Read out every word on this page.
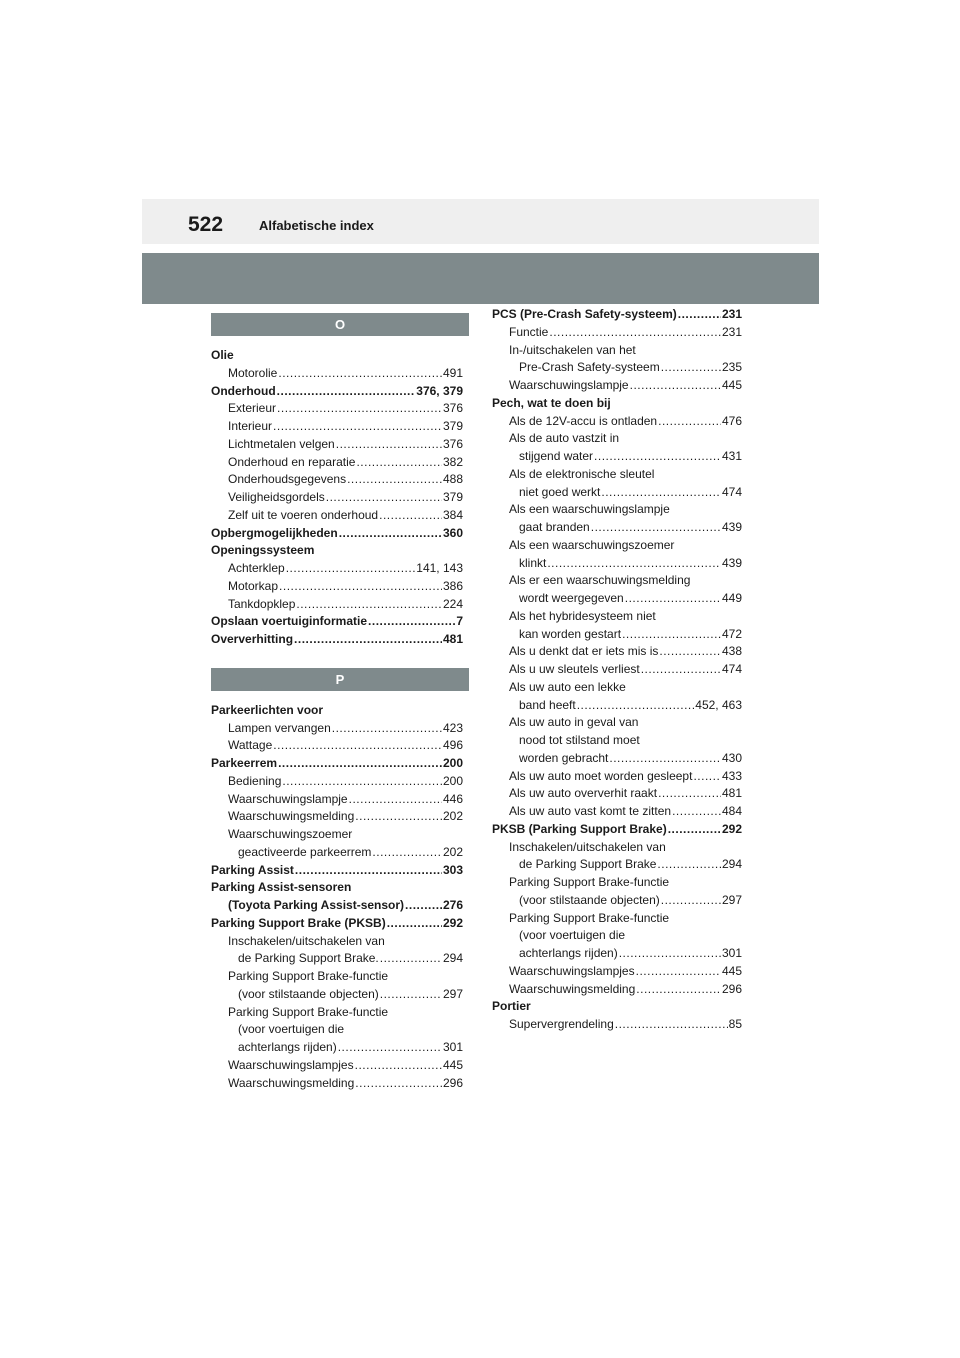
522	Alfabetische index
O
Olie
Motorolie .....	491
Onderhoud .....	376, 379
Exterieur .....	376
Interieur .....	379
Lichtmetalen velgen .....	376
Onderhoud en reparatie .....	382
Onderhoudsgegevens .....	488
Veiligheidsgordels .....	379
Zelf uit te voeren onderhoud .....	384
Opbergmogelijkheden .....	360
Openingssysteem
Achterklep .....	141, 143
Motorkap .....	386
Tankdopklep .....	224
Opslaan voertuiginformatie .....	7
Oververhitting .....	481
P
Parkeerlichten voor
Lampen vervangen .....	423
Wattage .....	496
Parkeerrem .....	200
Bediening .....	200
Waarschuwingslampje .....	446
Waarschuwingsmelding .....	202
Waarschuwingszoemer
geactiveerde parkeerrem .....	202
Parking Assist .....	303
Parking Assist-sensoren
(Toyota Parking Assist-sensor) .....	276
Parking Support Brake (PKSB) .....	292
Inschakelen/uitschakelen van
de Parking Support Brake. .....	294
Parking Support Brake-functie
(voor stilstaande objecten) .....	297
Parking Support Brake-functie
(voor voertuigen die
achterlangs rijden) .....	301
Waarschuwingslampjes .....	445
Waarschuwingsmelding .....	296
PCS (Pre-Crash Safety-systeem) .....	231
Functie .....	231
In-/uitschakelen van het
Pre-Crash Safety-systeem .....	235
Waarschuwingslampje .....	445
Pech, wat te doen bij
Als de 12V-accu is ontladen .....	476
Als de auto vastzit in
stijgend water .....	431
Als de elektronische sleutel
niet goed werkt .....	474
Als een waarschuwingslampje
gaat branden .....	439
Als een waarschuwingszoemer
klinkt .....	439
Als er een waarschuwingsmelding
wordt weergegeven .....	449
Als het hybridesysteem niet
kan worden gestart .....	472
Als u denkt dat er iets mis is .....	438
Als u uw sleutels verliest .....	474
Als uw auto een lekke
band heeft .....	452, 463
Als uw auto in geval van
nood tot stilstand moet
worden gebracht .....	430
Als uw auto moet worden gesleept ..... 433
Als uw auto oververhit raakt .....	481
Als uw auto vast komt te zitten .....	484
PKSB (Parking Support Brake) .....	292
Inschakelen/uitschakelen van
de Parking Support Brake .....	294
Parking Support Brake-functie
(voor stilstaande objecten) .....	297
Parking Support Brake-functie
(voor voertuigen die
achterlangs rijden) .....	301
Waarschuwingslampjes .....	445
Waarschuwingsmelding .....	296
Portier
Supervergrendeling .....	85
